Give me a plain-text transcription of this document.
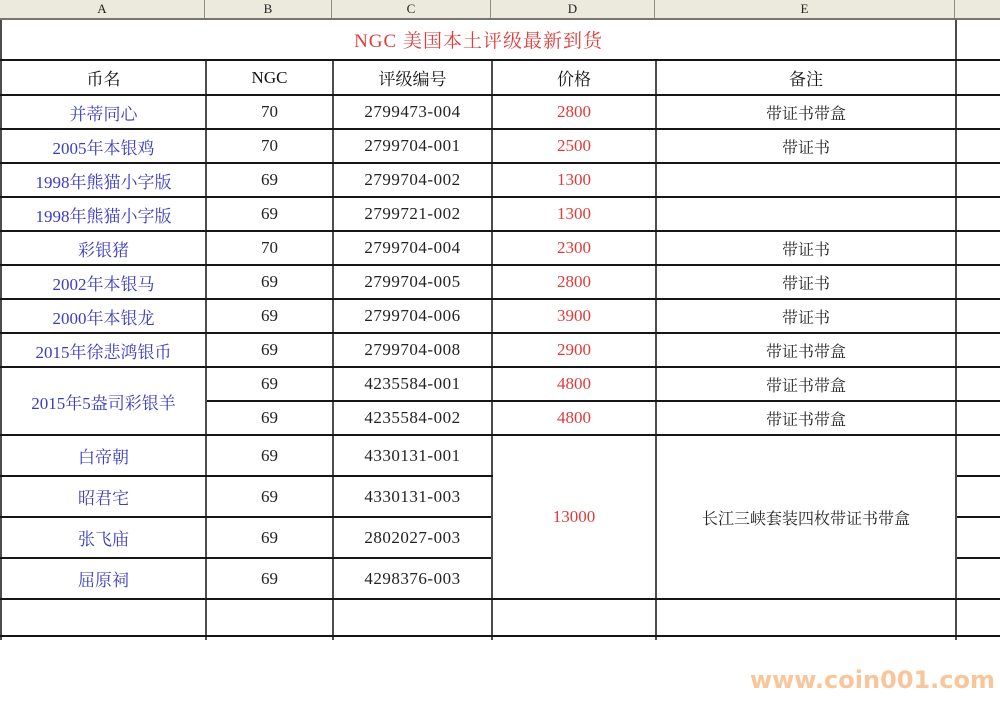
A	B	C	D	E
NGC 美国本土评级最新到货					
币名	NGC	评级编号	价格	备注	
并蒂同心	70	2799473-004	2800	带证书带盒	
2005年本银鸡	70	2799704-001	2500	带证书	
1998年熊猫小字版	69	2799704-002	1300		
1998年熊猫小字版	69	2799721-002	1300		
彩银猪	70	2799704-004	2300	带证书	
2002年本银马	69	2799704-005	2800	带证书	
2000年本银龙	69	2799704-006	3900	带证书	
2015年徐悲鸿银币	69	2799704-008	2900	带证书带盒	
2015年5盎司彩银羊	69	4235584-001	4800	带证书带盒	
	69	4235584-002	4800	带证书带盒	
白帝朝	69	4330131-001	13000	长江三峡套装四枚带证书带盒	
昭君宅	69	4330131-003			
张飞庙	69	2802027-003			
屈原祠	69	4298376-003			

www.coin001.com
